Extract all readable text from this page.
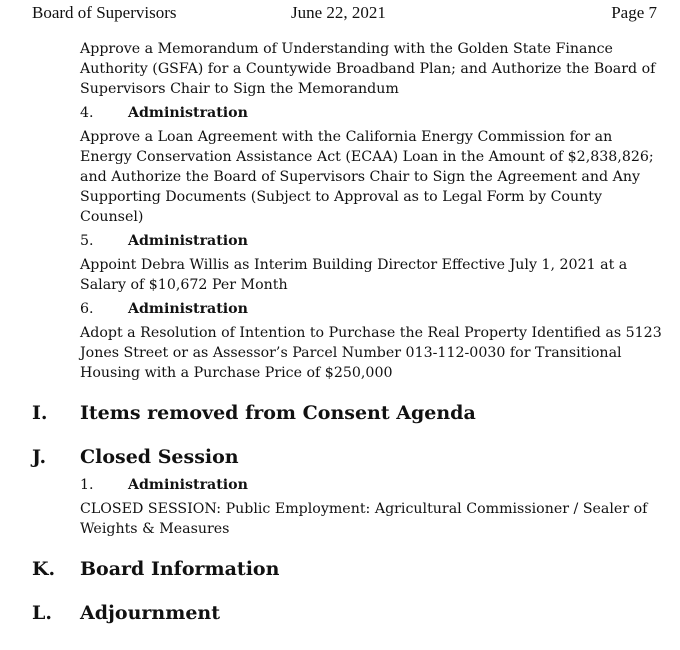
Board of Supervisors	June 22, 2021	Page 7

Approve a Memorandum of Understanding with the Golden State Finance
Authority (GSFA) for a Countywide Broadband Plan; and Authorize the Board of
Supervisors Chair to Sign the Memorandum

4. Administration

Approve a Loan Agreement with the California Energy Commission for an
Energy Conservation Assistance Act (ECAA) Loan in the Amount of $2,838,826;
and Authorize the Board of Supervisors Chair to Sign the Agreement and Any
Supporting Documents (Subject to Approval as to Legal Form by County
Counsel)

5. Administration

Appoint Debra Willis as Interim Building Director Effective July 1, 2021 at a
Salary of $10,672 Per Month

6. Administration

Adopt a Resolution of Intention to Purchase the Real Property Identified as 5123
Jones Street or as Assessor’s Parcel Number 013-112-0030 for Transitional
Housing with a Purchase Price of $250,000

I. Items removed from Consent Agenda
J. Closed Session
1. Administration

CLOSED SESSION: Public Employment: Agricultural Commissioner / Sealer of
Weights & Measures

K. Board Information
L. Adjournment
